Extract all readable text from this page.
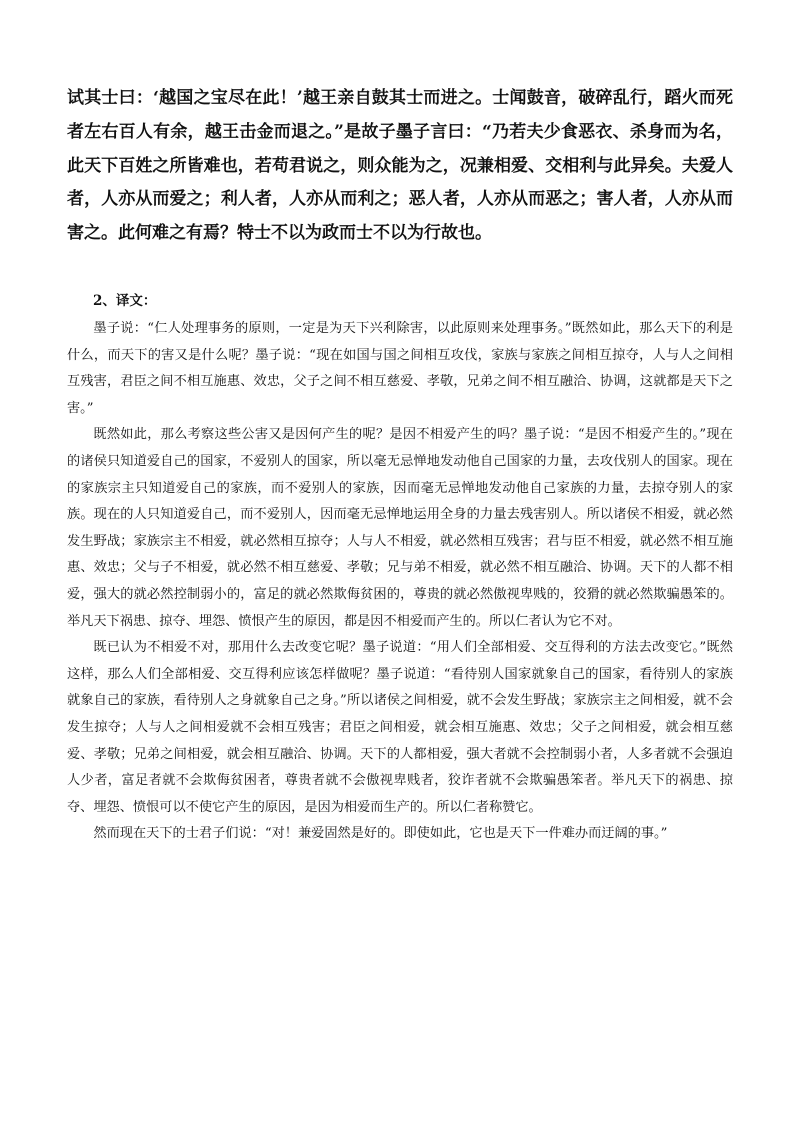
试其士曰：‘越国之宝尽在此！’越王亲自鼓其士而进之。士闻鼓音，破碎乱行，蹈火而死者左右百人有余，越王击金而退之。”是故子墨子言曰：“乃若夫少食恶衣、杀身而为名，此天下百姓之所皆难也，若苟君说之，则众能为之，况兼相爱、交相利与此异矣。夫爱人者，人亦从而爱之；利人者，人亦从而利之；恶人者，人亦从而恶之；害人者，人亦从而害之。此何难之有焉？特士不以为政而士不以为行故也。

2、译文：

墨子说：“仁人处理事务的原则，一定是为天下兴利除害，以此原则来处理事务。”既然如此，那么天下的利是什么，而天下的害又是什么呢？墨子说：“现在如国与国之间相互攻伐，家族与家族之间相互掠夺，人与人之间相互残害，君臣之间不相互施惠、效忠，父子之间不相互慈爱、孝敬，兄弟之间不相互融洽、协调，这就都是天下之害。”

既然如此，那么考察这些公害又是因何产生的呢？是因不相爱产生的吗？墨子说：“是因不相爱产生的。”现在的诸侯只知道爱自己的国家，不爱别人的国家，所以毫无忌惮地发动他自己国家的力量，去攻伐别人的国家。现在的家族宗主只知道爱自己的家族，而不爱别人的家族，因而毫无忌惮地发动他自己家族的力量，去掠夺别人的家族。现在的人只知道爱自己，而不爱别人，因而毫无忌惮地运用全身的力量去残害别人。所以诸侯不相爱，就必然发生野战；家族宗主不相爱，就必然相互掠夺；人与人不相爱，就必然相互残害；君与臣不相爱，就必然不相互施惠、效忠；父与子不相爱，就必然不相互慈爱、孝敬；兄与弟不相爱，就必然不相互融洽、协调。天下的人都不相爱，强大的就必然控制弱小的，富足的就必然欺侮贫困的，尊贵的就必然傲视卑贱的，狡猾的就必然欺骗愚笨的。举凡天下祸患、掠夺、埋怨、愤恨产生的原因，都是因不相爱而产生的。所以仁者认为它不对。

既已认为不相爱不对，那用什么去改变它呢？墨子说道：“用人们全部相爱、交互得利的方法去改变它。”既然这样，那么人们全部相爱、交互得利应该怎样做呢？墨子说道：“看待别人国家就象自己的国家，看待别人的家族就象自己的家族，看待别人之身就象自己之身。”所以诸侯之间相爱，就不会发生野战；家族宗主之间相爱，就不会发生掠夺；人与人之间相爱就不会相互残害；君臣之间相爱，就会相互施惠、效忠；父子之间相爱，就会相互慈爱、孝敬；兄弟之间相爱，就会相互融洽、协调。天下的人都相爱，强大者就不会控制弱小者，人多者就不会强迫人少者，富足者就不会欺侮贫困者，尊贵者就不会傲视卑贱者，狡诈者就不会欺骗愚笨者。举凡天下的祸患、掠夺、埋怨、愤恨可以不使它产生的原因，是因为相爱而生产的。所以仁者称赞它。

然而现在天下的士君子们说：“对！兼爱固然是好的。即使如此，它也是天下一件难办而迂阔的事。”
